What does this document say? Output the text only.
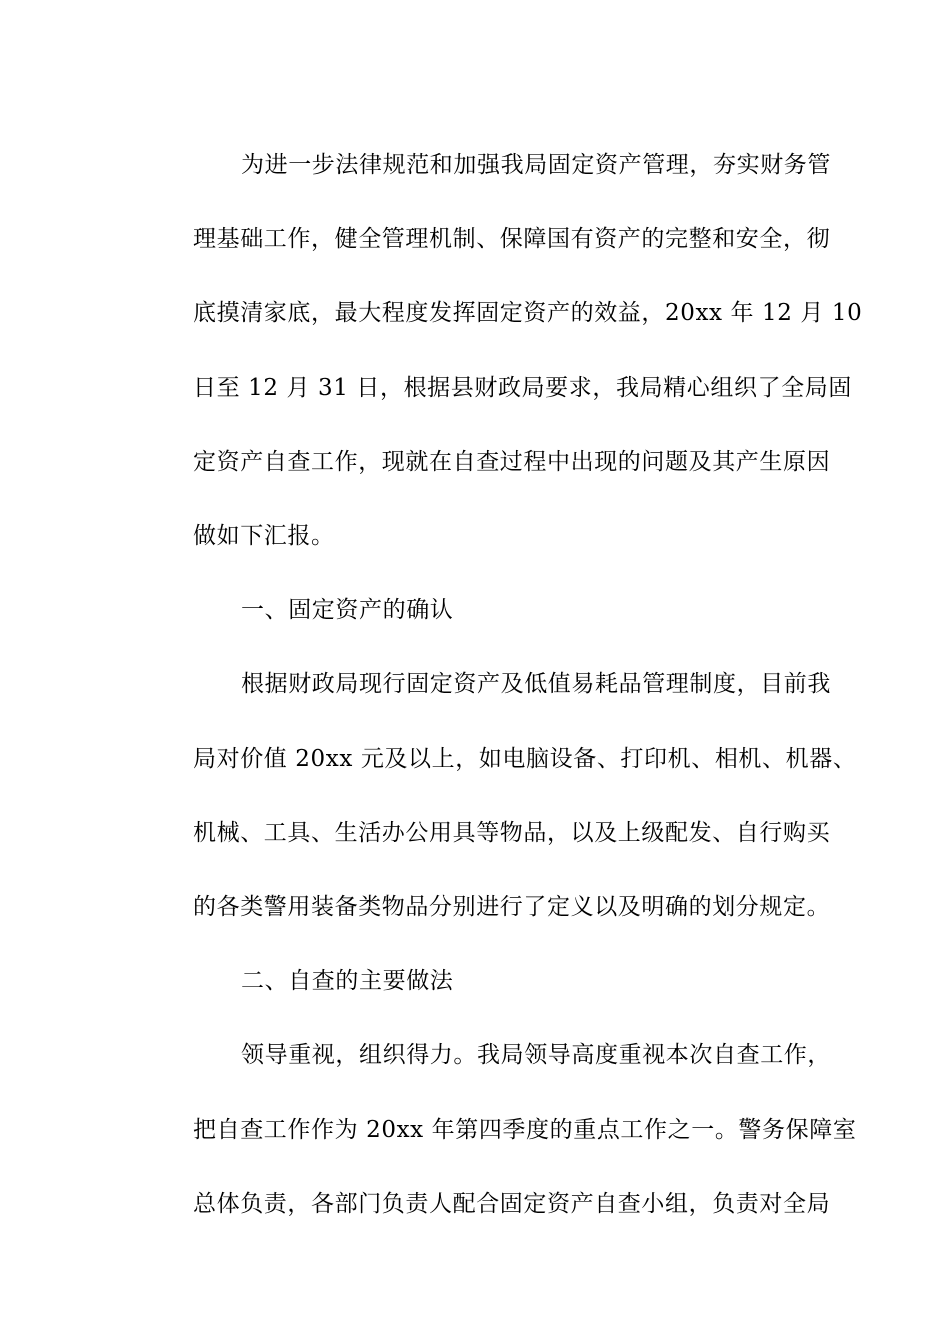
为进一步法律规范和加强我局固定资产管理，夯实财务管
理基础工作，健全管理机制、保障国有资产的完整和安全，彻
底摸清家底，最大程度发挥固定资产的效益，20xx 年 12 月 10
日至 12 月 31 日，根据县财政局要求，我局精心组织了全局固
定资产自查工作，现就在自查过程中出现的问题及其产生原因
做如下汇报。
一、固定资产的确认
根据财政局现行固定资产及低值易耗品管理制度，目前我
局对价值 20xx 元及以上，如电脑设备、打印机、相机、机器、
机械、工具、生活办公用具等物品，以及上级配发、自行购买
的各类警用装备类物品分别进行了定义以及明确的划分规定。
二、自查的主要做法
领导重视，组织得力。我局领导高度重视本次自查工作，
把自查工作作为 20xx 年第四季度的重点工作之一。警务保障室
总体负责，各部门负责人配合固定资产自查小组，负责对全局
